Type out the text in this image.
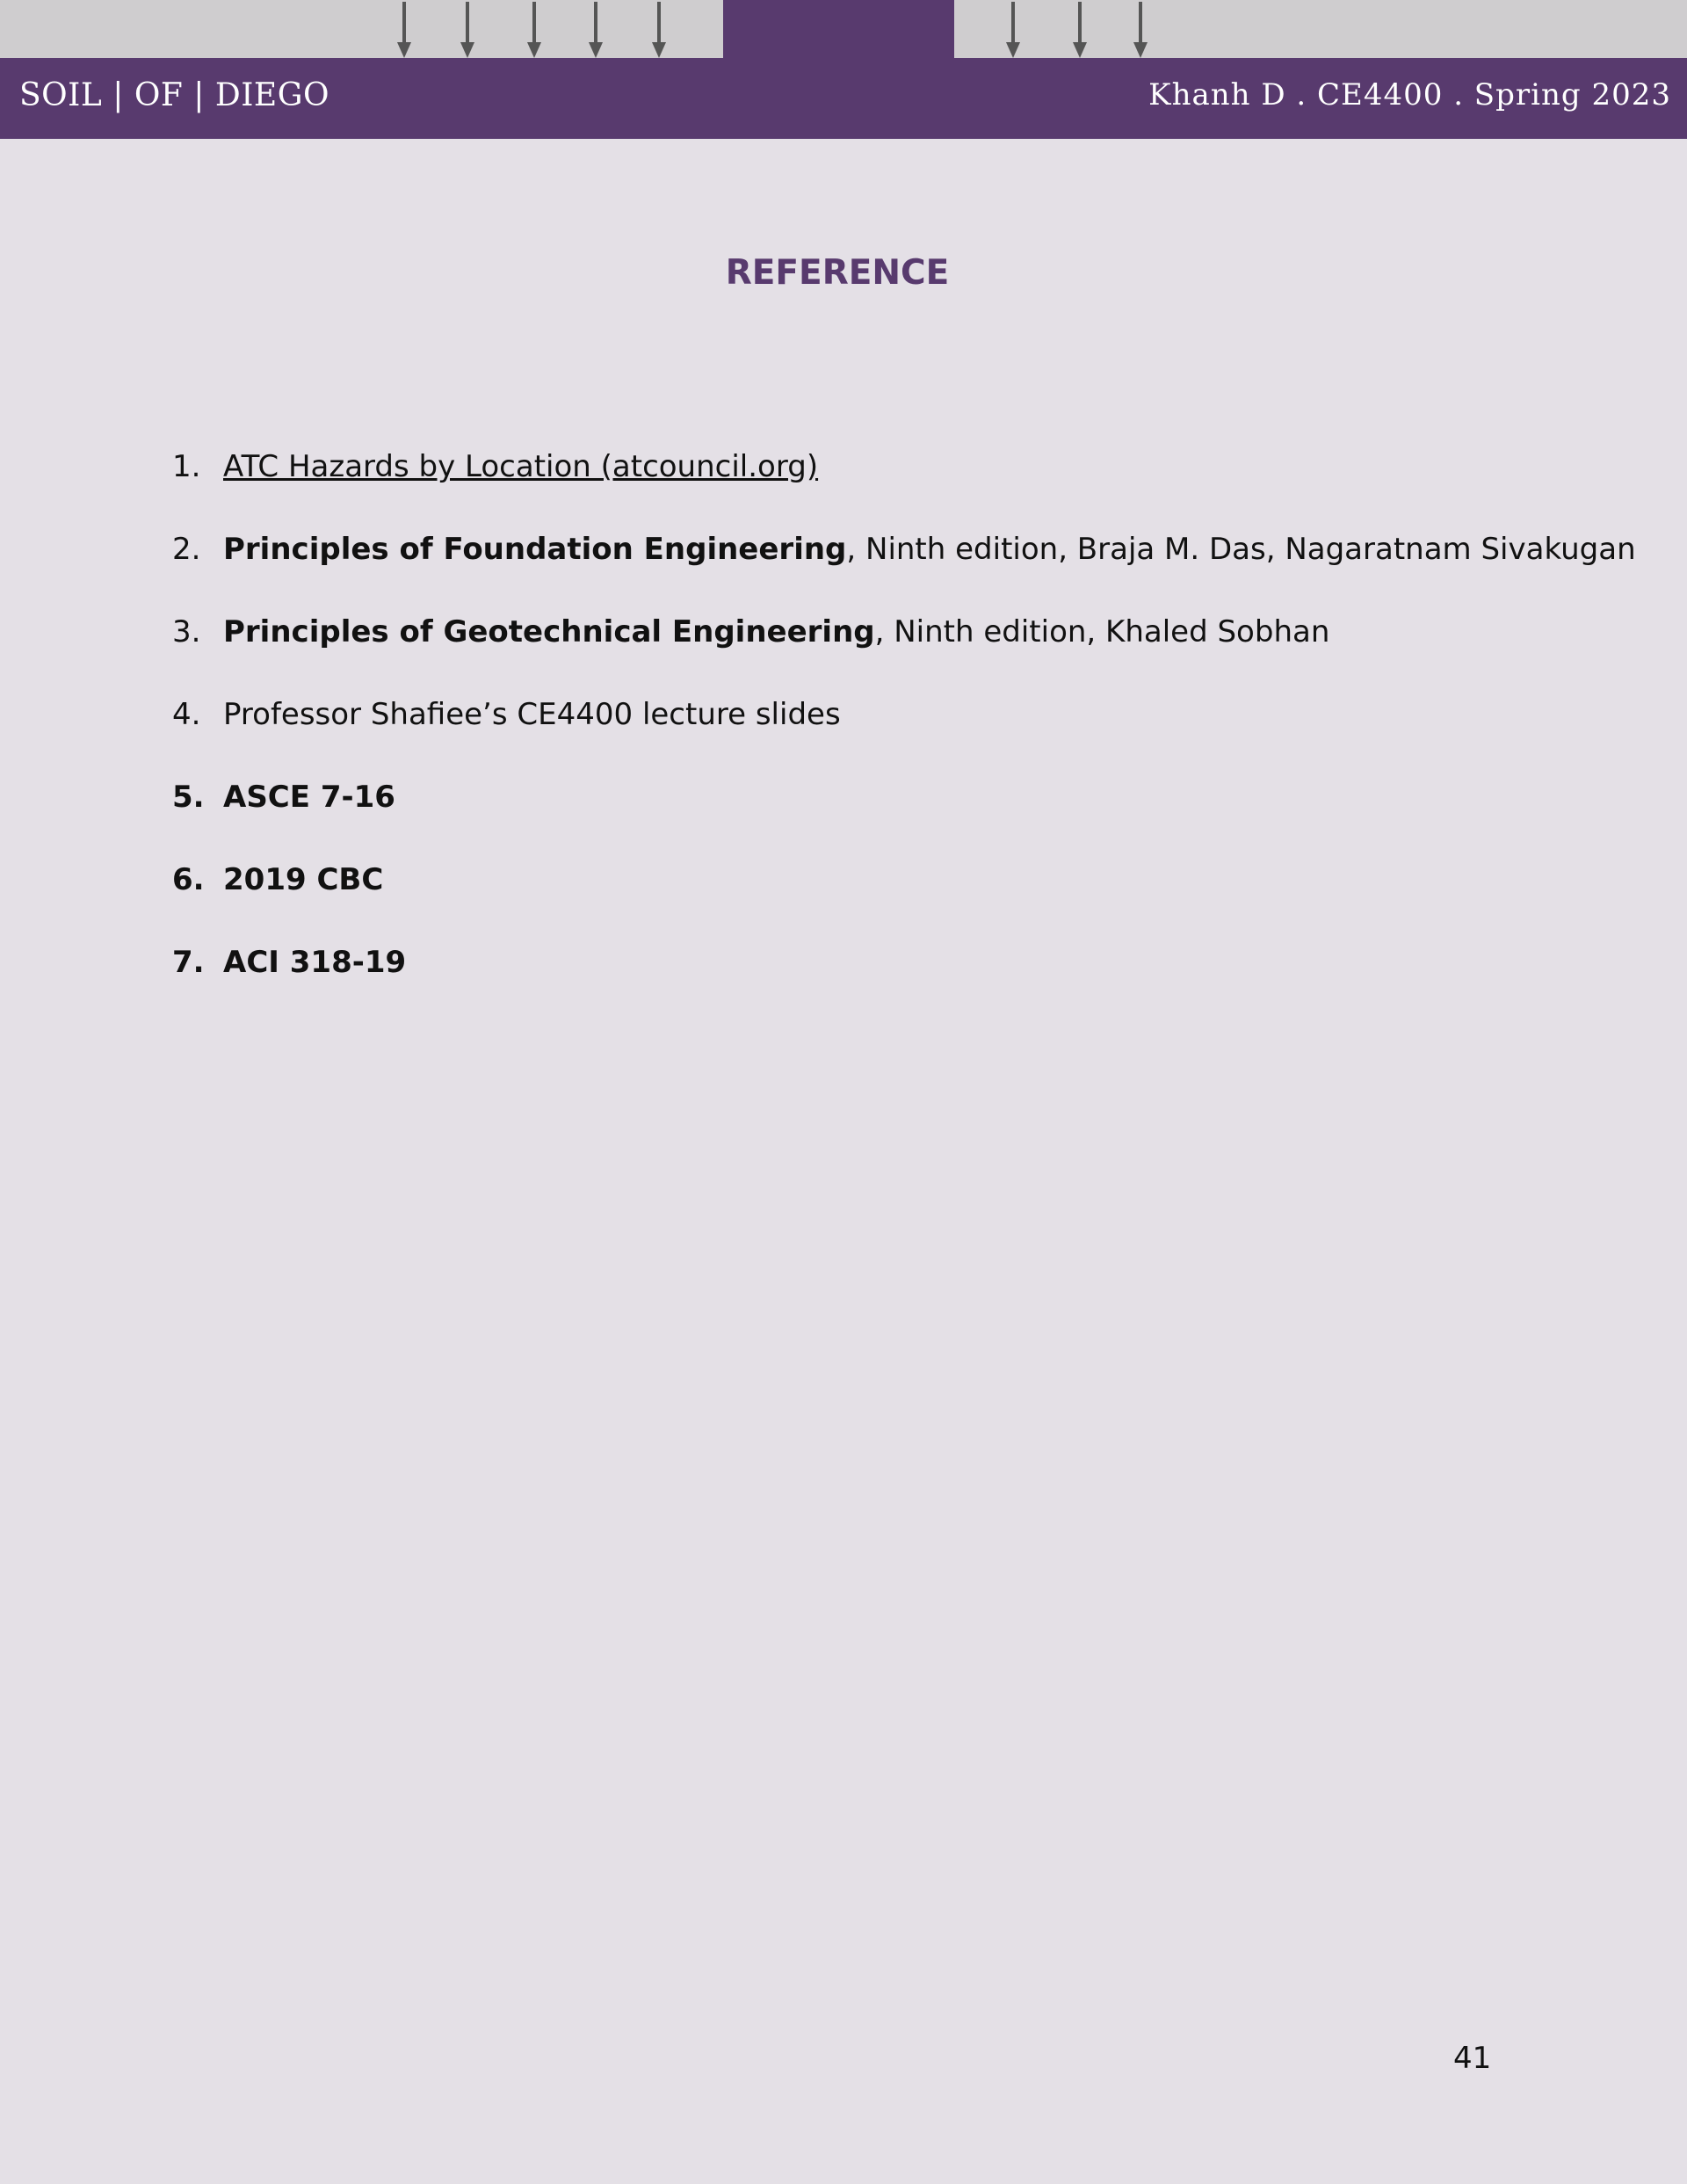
SOIL | OF | DIEGO	Khanh D . CE4400 . Spring 2023
REFERENCE
1. ATC Hazards by Location (atcouncil.org)
2. Principles of Foundation Engineering, Ninth edition, Braja M. Das, Nagaratnam Sivakugan
3. Principles of Geotechnical Engineering, Ninth edition, Khaled Sobhan
4. Professor Shafiee’s CE4400 lecture slides
5. ASCE 7-16
6. 2019 CBC
7. ACI 318-19
41
